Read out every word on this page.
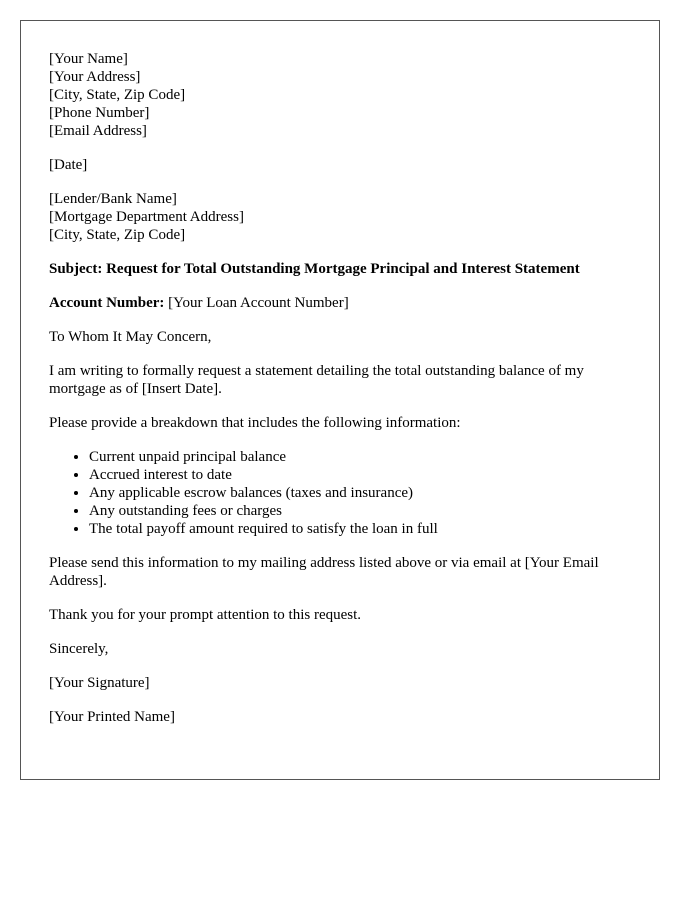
[Your Name]
[Your Address]
[City, State, Zip Code]
[Phone Number]
[Email Address]

[Date]

[Lender/Bank Name]
[Mortgage Department Address]
[City, State, Zip Code]

Subject: Request for Total Outstanding Mortgage Principal and Interest Statement

Account Number: [Your Loan Account Number]

To Whom It May Concern,

I am writing to formally request a statement detailing the total outstanding balance of my mortgage as of [Insert Date].

Please provide a breakdown that includes the following information:

• Current unpaid principal balance
• Accrued interest to date
• Any applicable escrow balances (taxes and insurance)
• Any outstanding fees or charges
• The total payoff amount required to satisfy the loan in full

Please send this information to my mailing address listed above or via email at [Your Email Address].

Thank you for your prompt attention to this request.

Sincerely,

[Your Signature]

[Your Printed Name]
